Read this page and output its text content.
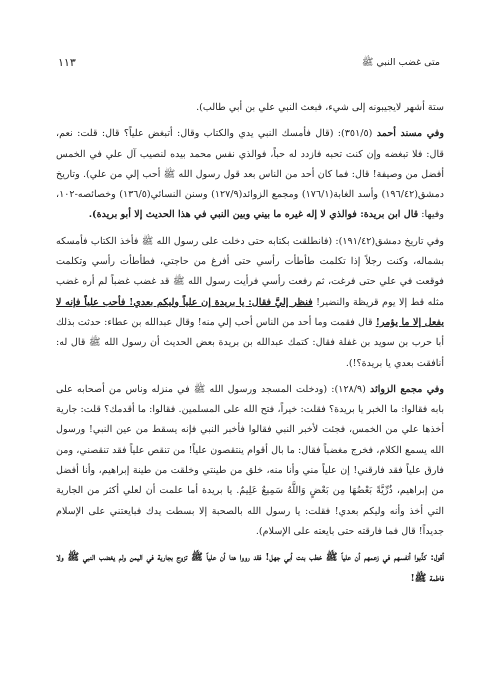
متى غضب النبي ﷺ
١١٣

ستة أشهر لايجيبونه إلى شيء، فبعث النبي علي بن أبي طالب).

وفي مسند أحمد (٣٥١/٥): (قال فأمسك النبي يدي والكتاب وقال: أتبغض علياً؟ قال: قلت: نعم، قال: فلا تبغضه وإن كنت تحبه فازدد له حباً، فوالذي نفس محمد بيده لنصيب آل علي في الخمس أفضل من وصيفة! قال: فما كان أحد من الناس بعد قول رسول الله ﷺ أحب إلي من علي). وتاريخ دمشق(١٩٦/٤٢) وأسد الغابة(١٧٦/١) ومجمع الزوائد(١٢٧/٩) وسنن النسائي(١٣٦/٥) وخصائصه-١٠٢، وفيها: قال ابن بريدة: فوالذي لا إله غيره ما بيني وبين النبي في هذا الحديث إلا أبو بريدة).

وفي تاريخ دمشق(١٩١/٤٢): (فانطلقت بكتابه حتى دخلت على رسول الله ﷺ فأخذ الكتاب فأمسكه بشماله، وكنت رجلاً إذا تكلمت طأطأت رأسي حتى أفرغ من حاجتي، فطأطأت رأسي وتكلمت فوقعت في علي حتى فرغت، ثم رفعت رأسي فرأيت رسول الله ﷺ قد غضب غضباً لم أره غضب مثله قط إلا يوم قريظة والنضير! فنظر إليَّ فقال: يا بريدة إن علياً وليكم بعدي! فأحب علياً فإنه لا يفعل إلا ما يؤمر! قال فقمت وما أحد من الناس أحب إلي منه! وقال عبدالله بن عطاء: حدثت بذلك أبا حرب بن سويد بن غفلة فقال: كتمك عبدالله بن بريدة بعض الحديث أن رسول الله ﷺ قال له: أنافقت بعدي يا بريدة؟!).

وفي مجمع الزوائد (١٢٨/٩): (ودخلت المسجد ورسول الله ﷺ في منزله وناس من أصحابه على بابه فقالوا: ما الخبر يا بريدة؟ فقلت: خيراً، فتح الله على المسلمين. فقالوا: ما أقدمك؟ قلت: جارية أخذها علي من الخمس، فجئت لأخبر النبي فقالوا فأخبر النبي فإنه يسقط من عين النبي! ورسول الله يسمع الكلام، فخرج مغضباً فقال: ما بال أقوام ينتقصون علياً! من تنقص علياً فقد تنقصني، ومن فارق علياً فقد فارقني! إن علياً مني وأنا منه، خلق من طينتي وخلقت من طينة إبراهيم، وأنا أفضل من إبراهيم، ذُرِّيَّةً بَعْضُهَا مِن بَعْضٍ وَاللَّهُ سَمِيعٌ عَلِيمٌ. يا بريدة أما علمت أن لعلي أكثر من الجارية التي أخذ وأنه وليكم بعدي! فقلت: يا رسول الله بالصحبة إلا بسطت يدك فبايعتني على الإسلام جديداً! قال فما فارقته حتى بايعته على الإسلام).

أقول: كذَّبوا أنفسهم في زعمهم أن علياً ﷺ خطب بنت أبي جهل! فقد رووا هنا أن علياً ﷺ تزوج بجارية في اليمن ولم يغضب النبي ﷺ ولا فاطمة ﷺ!
